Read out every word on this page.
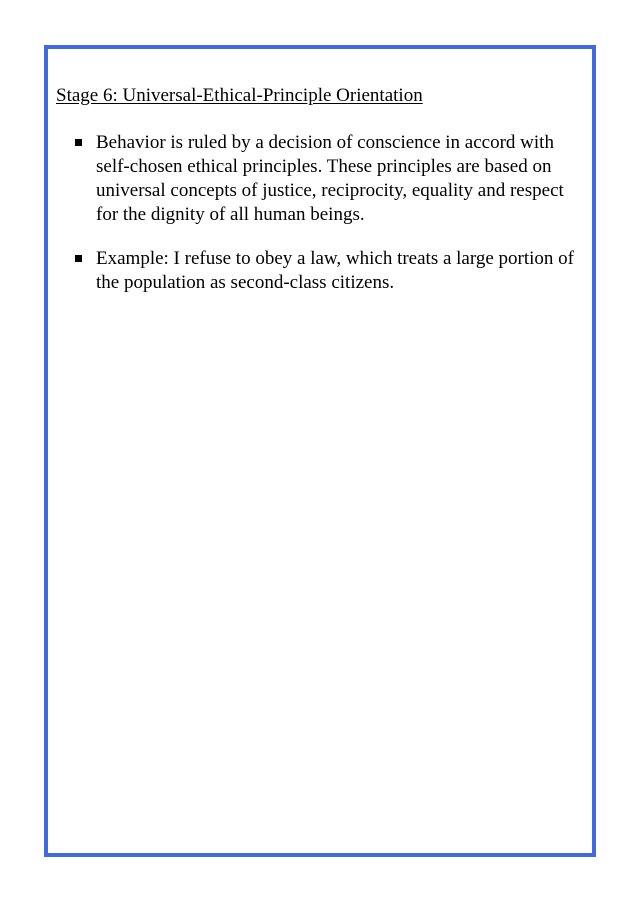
Stage 6: Universal-Ethical-Principle Orientation
Behavior is ruled by a decision of conscience in accord with self-chosen ethical principles. These principles are based on universal concepts of justice, reciprocity, equality and respect for the dignity of all human beings.
Example: I refuse to obey a law, which treats a large portion of the population as second-class citizens.
